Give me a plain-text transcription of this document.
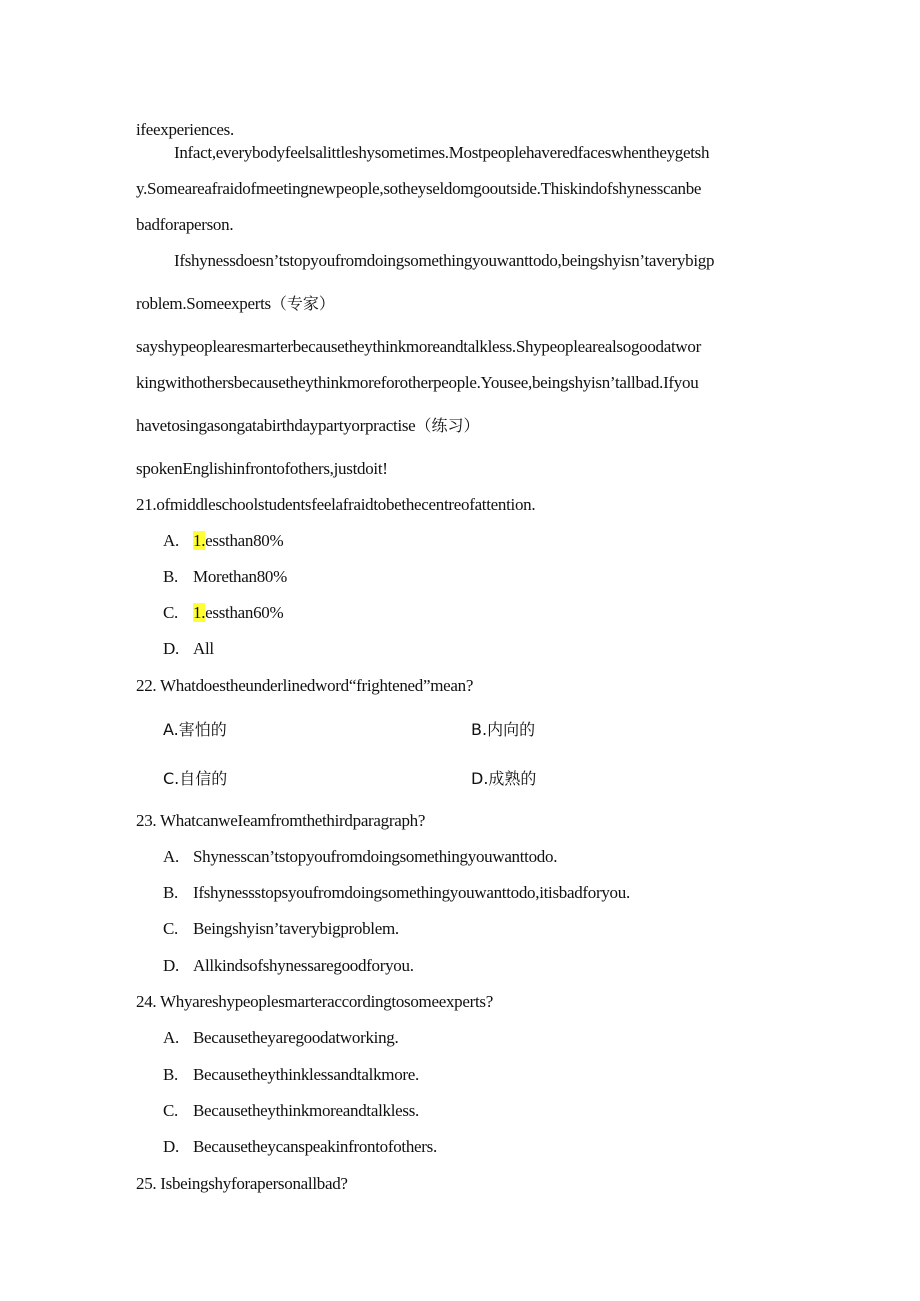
ifeexperiences.
Infact,everybodyfeelsalittleshysometimes.Mostpeoplehaveredfaceswhentheygetsh
y.Someareafraidofmeetingnewpeople,sotheyseldomgooutside.Thiskindofshynesscanbe
badforaperson.
Ifshynessdoesn’tstopyoufromdoingsomethingyouwanttodo,beingshyisn’taverybigp
roblem.Someexperts（专家）
sayshypeoplearesmarterbecausetheythinkmoreandtalkless.Shypeoplearealsogoodatwor
kingwithothersbecausetheythinkmoreforotherpeople.Yousee,beingshyisn’tallbad.Ifyou
havetosingasongatabirthdaypartyorpractise（练习）
spokenEnglishinfrontofothers,justdoit!
21.ofmiddleschoolstudentsfeelafraidtobethecentreofattention.
A. 1.essthan80%
B. Morethan80%
C. 1.essthan60%
D. All
22. Whatdoestheunderlinedword“frightened”mean?
A.害怕的	B.内向的
C.自信的	D.成熟的
23. WhatcanweIeamfromthethirdparagraph?
A. Shynesscan’tstopyoufromdoingsomethingyouwanttodo.
B. Ifshynessstopsyoufromdoingsomethingyouwanttodo,itisbadforyou.
C. Beingshyisn’taverybigproblem.
D. Allkindsofshynessaregoodforyou.
24. Whyareshypeoplesmarteraccordingtosomeexperts?
A. Becausetheyaregoodatworking.
B. Becausetheythinklessandtalkmore.
C. Becausetheythinkmoreandtalkless.
D. Becausetheycanspeakinfrontofothers.
25. Isbeingshyforapersonallbad?
